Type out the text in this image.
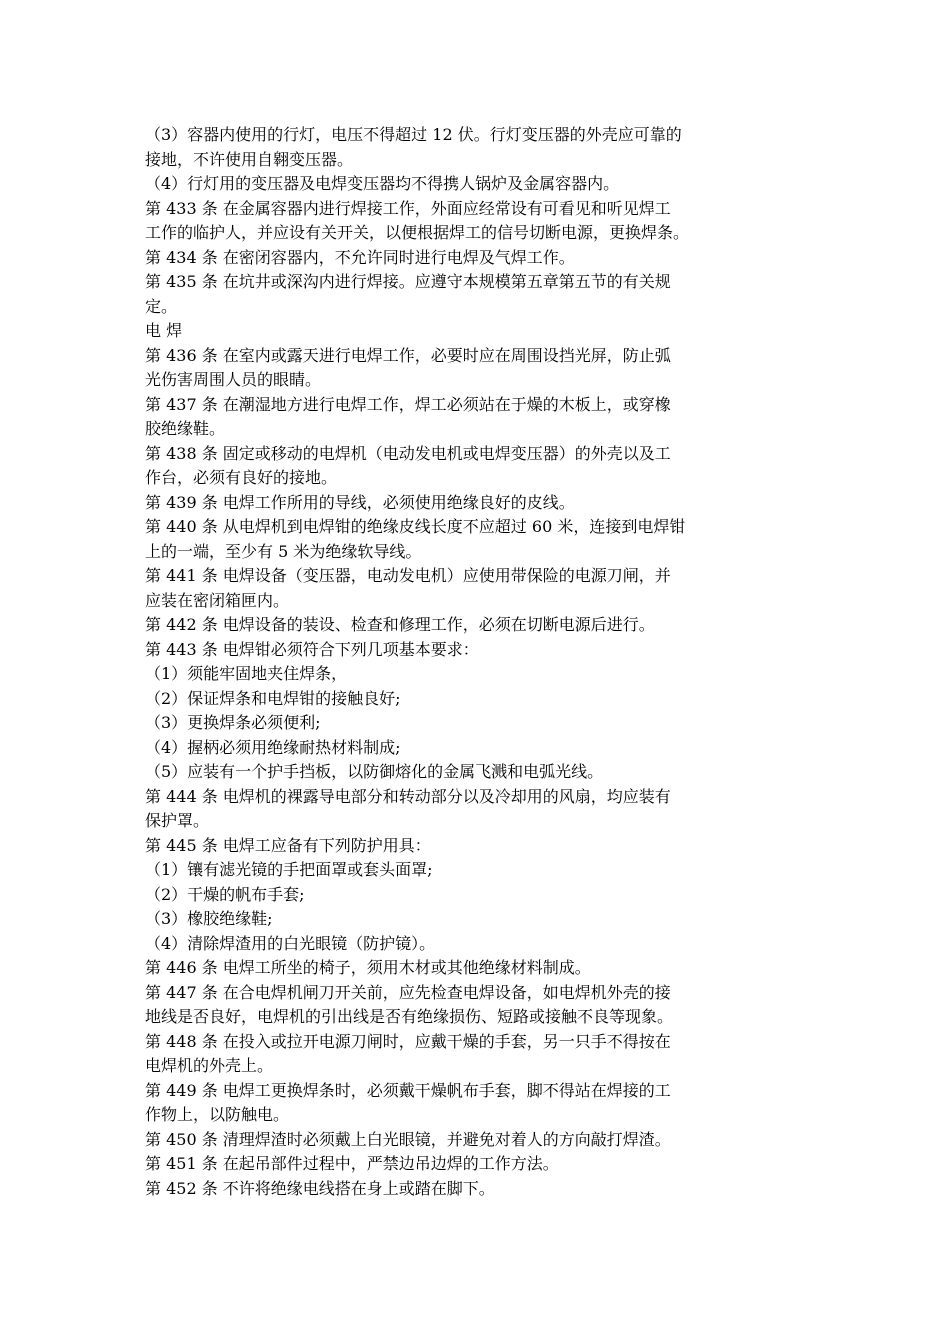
（3）容器内使用的行灯，电压不得超过 12 伏。行灯变压器的外壳应可靠的
接地，不许使用自翱变压器。
（4）行灯用的变压器及电焊变压器均不得携人锅炉及金属容器内。
第 433 条 在金属容器内进行焊接工作，外面应经常设有可看见和听见焊工
工作的临护人，并应设有关开关，以便根据焊工的信号切断电源，更换焊条。
第 434 条 在密闭容器内，不允许同时进行电焊及气焊工作。
第 435 条 在坑井或深沟内进行焊接。应遵守本规模第五章第五节的有关规
定。
电 焊
第 436 条 在室内或露天进行电焊工作，必要时应在周围设挡光屏，防止弧
光伤害周围人员的眼睛。
第 437 条 在潮湿地方进行电焊工作，焊工必须站在于燥的木板上，或穿橡
胶绝缘鞋。
第 438 条 固定或移动的电焊机（电动发电机或电焊变压器）的外壳以及工
作台，必须有良好的接地。
第 439 条 电焊工作所用的导线，必须使用绝缘良好的皮线。
第 440 条 从电焊机到电焊钳的绝缘皮线长度不应超过 60 米，连接到电焊钳
上的一端，至少有 5 米为绝缘软导线。
第 441 条 电焊设备（变压器，电动发电机）应使用带保险的电源刀闸，并
应装在密闭箱匣内。
第 442 条 电焊设备的装设、检查和修理工作，必须在切断电源后进行。
第 443 条 电焊钳必须符合下列几项基本要求：
（1）须能牢固地夹住焊条，
（2）保证焊条和电焊钳的接触良好;
（3）更换焊条必须便利;
（4）握柄必须用绝缘耐热材料制成;
（5）应装有一个护手挡板，以防御熔化的金属飞溅和电弧光线。
第 444 条 电焊机的裸露导电部分和转动部分以及冷却用的风扇，均应装有
保护罩。
第 445 条 电焊工应备有下列防护用具：
（1）镶有滤光镜的手把面罩或套头面罩;
（2）干燥的帆布手套;
（3）橡胶绝缘鞋;
（4）清除焊渣用的白光眼镜（防护镜）。
第 446 条 电焊工所坐的椅子，须用木材或其他绝缘材料制成。
第 447 条 在合电焊机闸刀开关前，应先检查电焊设备，如电焊机外壳的接
地线是否良好，电焊机的引出线是否有绝缘损伤、短路或接触不良等现象。
第 448 条 在投入或拉开电源刀闸时，应戴干燥的手套，另一只手不得按在
电焊机的外壳上。
第 449 条 电焊工更换焊条时，必须戴干燥帆布手套，脚不得站在焊接的工
作物上，以防触电。
第 450 条 清理焊渣时必须戴上白光眼镜，并避免对着人的方向敲打焊渣。
第 451 条 在起吊部件过程中，严禁边吊边焊的工作方法。
第 452 条 不许将绝缘电线搭在身上或踏在脚下。
